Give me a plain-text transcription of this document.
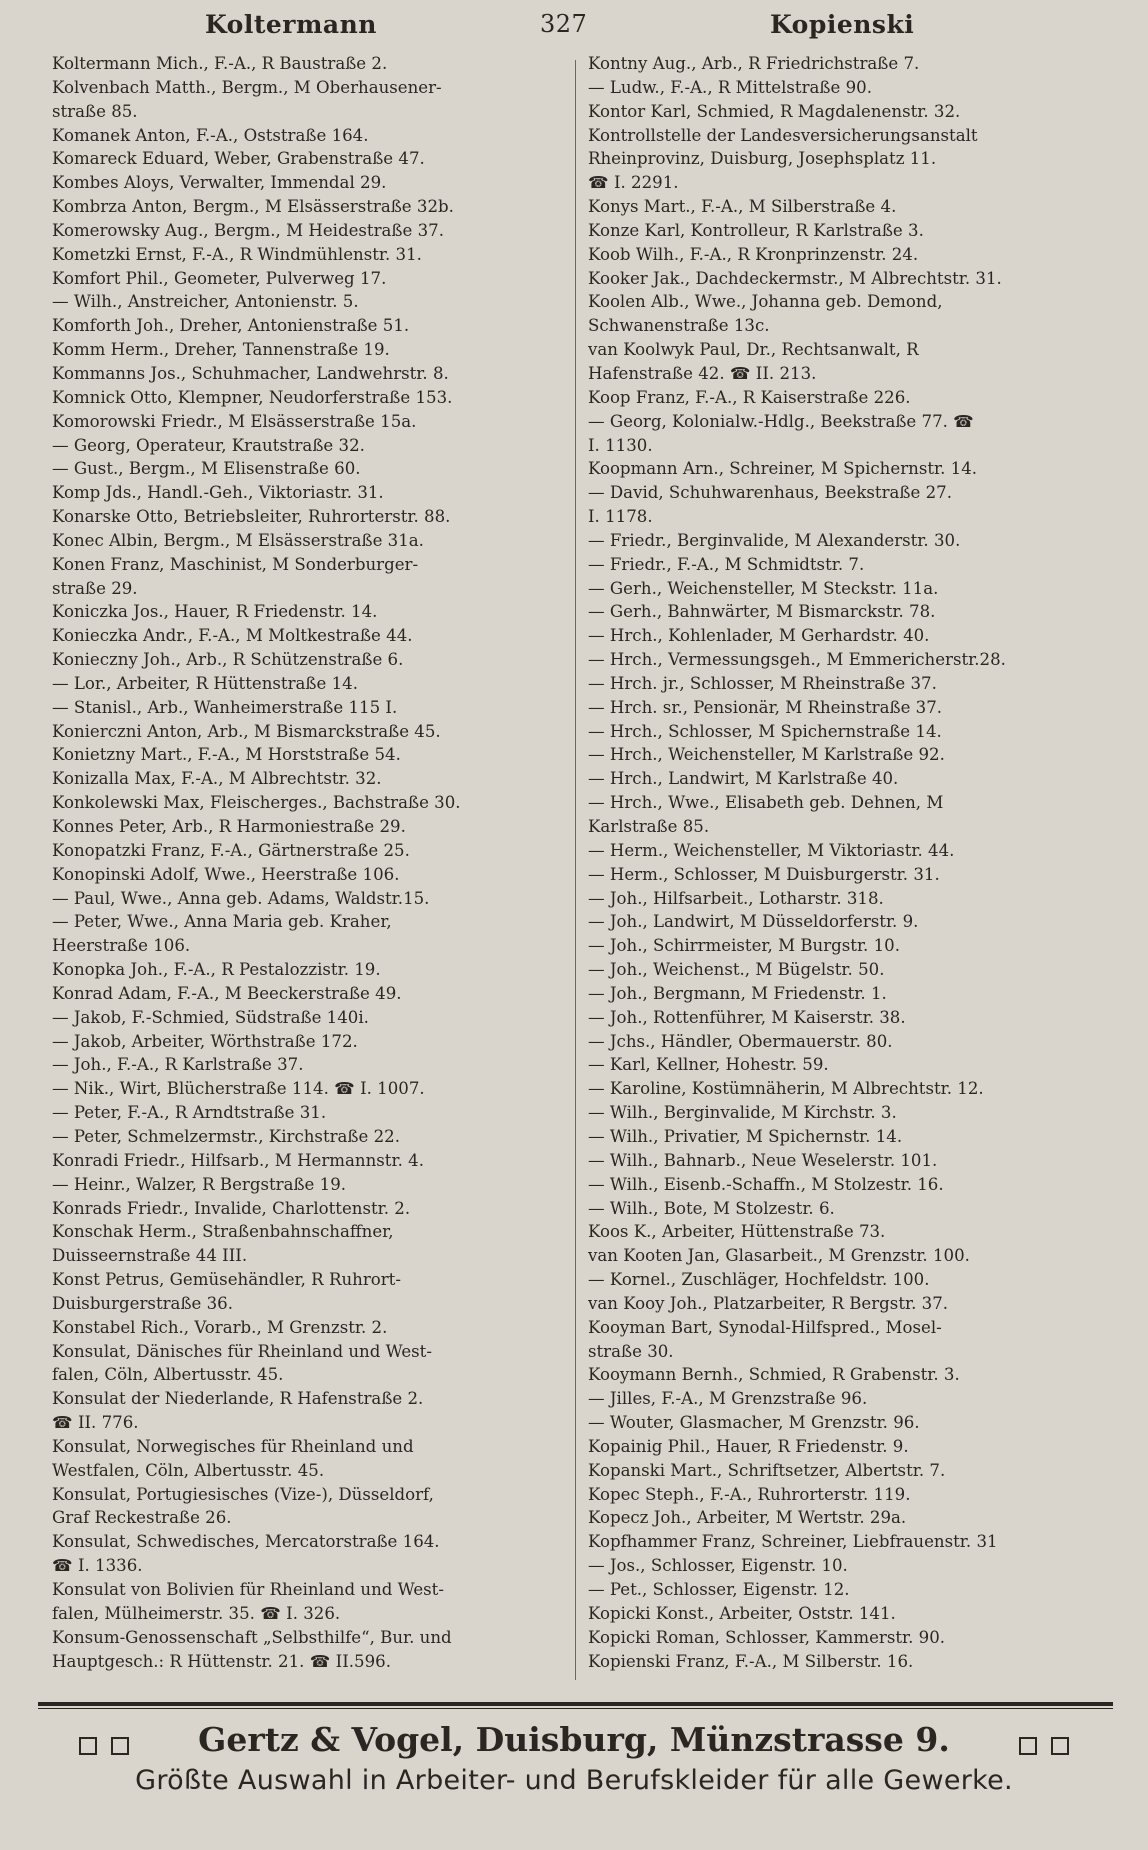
Koltermann	327	Kopienski
Koltermann Mich., F.-A., R Baustraße 2.
Kolvenbach Matth., Bergm., M Oberhausener-
straße 85.
Komanek Anton, F.-A., Oststraße 164.
Komareck Eduard, Weber, Grabenstraße 47.
Kombes Aloys, Verwalter, Immendal 29.
Kombrza Anton, Bergm., M Elsässerstraße 32b.
Komerowsky Aug., Bergm., M Heidestraße 37.
Kometzki Ernst, F.-A., R Windmühlenstr. 31.
Komfort Phil., Geometer, Pulverweg 17.
— Wilh., Anstreicher, Antonienstr. 5.
Komforth Joh., Dreher, Antonienstraße 51.
Komm Herm., Dreher, Tannenstraße 19.
Kommanns Jos., Schuhmacher, Landwehrstr. 8.
Komnick Otto, Klempner, Neudorferstraße 153.
Komorowski Friedr., M Elsässerstraße 15a.
— Georg, Operateur, Krautstraße 32.
— Gust., Bergm., M Elisenstraße 60.
Komp Jds., Handl.-Geh., Viktoriastr. 31.
Konarske Otto, Betriebsleiter, Ruhrorterstr. 88.
Konec Albin, Bergm., M Elsässerstraße 31a.
Konen Franz, Maschinist, M Sonderburger-
straße 29.
Koniczka Jos., Hauer, R Friedenstr. 14.
Konieczka Andr., F.-A., M Moltkestraße 44.
Konieczny Joh., Arb., R Schützenstraße 6.
— Lor., Arbeiter, R Hüttenstraße 14.
— Stanisl., Arb., Wanheimerstraße 115 I.
Konierczni Anton, Arb., M Bismarckstraße 45.
Konietzny Mart., F.-A., M Horststraße 54.
Konizalla Max, F.-A., M Albrechtstr. 32.
Konkolewski Max, Fleischerges., Bachstraße 30.
Konnes Peter, Arb., R Harmoniestraße 29.
Konopatzki Franz, F.-A., Gärtnerstraße 25.
Konopinski Adolf, Wwe., Heerstraße 106.
— Paul, Wwe., Anna geb. Adams, Waldstr.15.
— Peter, Wwe., Anna Maria geb. Kraher,
Heerstraße 106.
Konopka Joh., F.-A., R Pestalozzistr. 19.
Konrad Adam, F.-A., M Beeckerstraße 49.
— Jakob, F.-Schmied, Südstraße 140i.
— Jakob, Arbeiter, Wörthstraße 172.
— Joh., F.-A., R Karlstraße 37.
— Nik., Wirt, Blücherstraße 114. ☎ I. 1007.
— Peter, F.-A., R Arndtstraße 31.
— Peter, Schmelzermstr., Kirchstraße 22.
Konradi Friedr., Hilfsarb., M Hermannstr. 4.
— Heinr., Walzer, R Bergstraße 19.
Konrads Friedr., Invalide, Charlottenstr. 2.
Konschak Herm., Straßenbahnschaffner,
Duisseernstraße 44 III.
Konst Petrus, Gemüsehändler, R Ruhrort-
Duisburgerstraße 36.
Konstabel Rich., Vorarb., M Grenzstr. 2.
Konsulat, Dänisches für Rheinland und West-
falen, Cöln, Albertusstr. 45.
Konsulat der Niederlande, R Hafenstraße 2.
☎ II. 776.
Konsulat, Norwegisches für Rheinland und
Westfalen, Cöln, Albertusstr. 45.
Konsulat, Portugiesisches (Vize-), Düsseldorf,
Graf Reckestraße 26.
Konsulat, Schwedisches, Mercatorstraße 164.
☎ I. 1336.
Konsulat von Bolivien für Rheinland und West-
falen, Mülheimerstr. 35. ☎ I. 326.
Konsum-Genossenschaft „Selbsthilfe“, Bur. und
Hauptgesch.: R Hüttenstr. 21. ☎ II.596.
Kontny Aug., Arb., R Friedrichstraße 7.
— Ludw., F.-A., R Mittelstraße 90.
Kontor Karl, Schmied, R Magdalenenstr. 32.
Kontrollstelle der Landesversicherungsanstalt
Rheinprovinz, Duisburg, Josephsplatz 11.
☎ I. 2291.
Konys Mart., F.-A., M Silberstraße 4.
Konze Karl, Kontrolleur, R Karlstraße 3.
Koob Wilh., F.-A., R Kronprinzenstr. 24.
Kooker Jak., Dachdeckermstr., M Albrechtstr. 31.
Koolen Alb., Wwe., Johanna geb. Demond,
Schwanenstraße 13c.
van Koolwyk Paul, Dr., Rechtsanwalt, R
Hafenstraße 42. ☎ II. 213.
Koop Franz, F.-A., R Kaiserstraße 226.
— Georg, Kolonialw.-Hdlg., Beekstraße 77. ☎
I. 1130.
Koopmann Arn., Schreiner, M Spichernstr. 14.
— David, Schuhwarenhaus, Beekstraße 27.
I. 1178.
— Friedr., Berginvalide, M Alexanderstr. 30.
— Friedr., F.-A., M Schmidtstr. 7.
— Gerh., Weichensteller, M Steckstr. 11a.
— Gerh., Bahnwärter, M Bismarckstr. 78.
— Hrch., Kohlenlader, M Gerhardstr. 40.
— Hrch., Vermessungsgeh., M Emmericherstr.28.
— Hrch. jr., Schlosser, M Rheinstraße 37.
— Hrch. sr., Pensionär, M Rheinstraße 37.
— Hrch., Schlosser, M Spichernstraße 14.
— Hrch., Weichensteller, M Karlstraße 92.
— Hrch., Landwirt, M Karlstraße 40.
— Hrch., Wwe., Elisabeth geb. Dehnen, M
Karlstraße 85.
— Herm., Weichensteller, M Viktoriastr. 44.
— Herm., Schlosser, M Duisburgerstr. 31.
— Joh., Hilfsarbeit., Lotharstr. 318.
— Joh., Landwirt, M Düsseldorferstr. 9.
— Joh., Schirrmeister, M Burgstr. 10.
— Joh., Weichenst., M Bügelstr. 50.
— Joh., Bergmann, M Friedenstr. 1.
— Joh., Rottenführer, M Kaiserstr. 38.
— Jchs., Händler, Obermauerstr. 80.
— Karl, Kellner, Hohestr. 59.
— Karoline, Kostümnäherin, M Albrechtstr. 12.
— Wilh., Berginvalide, M Kirchstr. 3.
— Wilh., Privatier, M Spichernstr. 14.
— Wilh., Bahnarb., Neue Weselerstr. 101.
— Wilh., Eisenb.-Schaffn., M Stolzestr. 16.
— Wilh., Bote, M Stolzestr. 6.
Koos K., Arbeiter, Hüttenstraße 73.
van Kooten Jan, Glasarbeit., M Grenzstr. 100.
— Kornel., Zuschläger, Hochfeldstr. 100.
van Kooy Joh., Platzarbeiter, R Bergstr. 37.
Kooyman Bart, Synodal-Hilfspred., Mosel-
straße 30.
Kooymann Bernh., Schmied, R Grabenstr. 3.
— Jilles, F.-A., M Grenzstraße 96.
— Wouter, Glasmacher, M Grenzstr. 96.
Kopainig Phil., Hauer, R Friedenstr. 9.
Kopanski Mart., Schriftsetzer, Albertstr. 7.
Kopec Steph., F.-A., Ruhrorterstr. 119.
Kopecz Joh., Arbeiter, M Wertstr. 29a.
Kopfhammer Franz, Schreiner, Liebfrauenstr. 31
— Jos., Schlosser, Eigenstr. 10.
— Pet., Schlosser, Eigenstr. 12.
Kopicki Konst., Arbeiter, Oststr. 141.
Kopicki Roman, Schlosser, Kammerstr. 90.
Kopienski Franz, F.-A., M Silberstr. 16.
Gertz & Vogel, Duisburg, Münzstrasse 9.
Größte Auswahl in Arbeiter- und Berufskleider für alle Gewerke.
